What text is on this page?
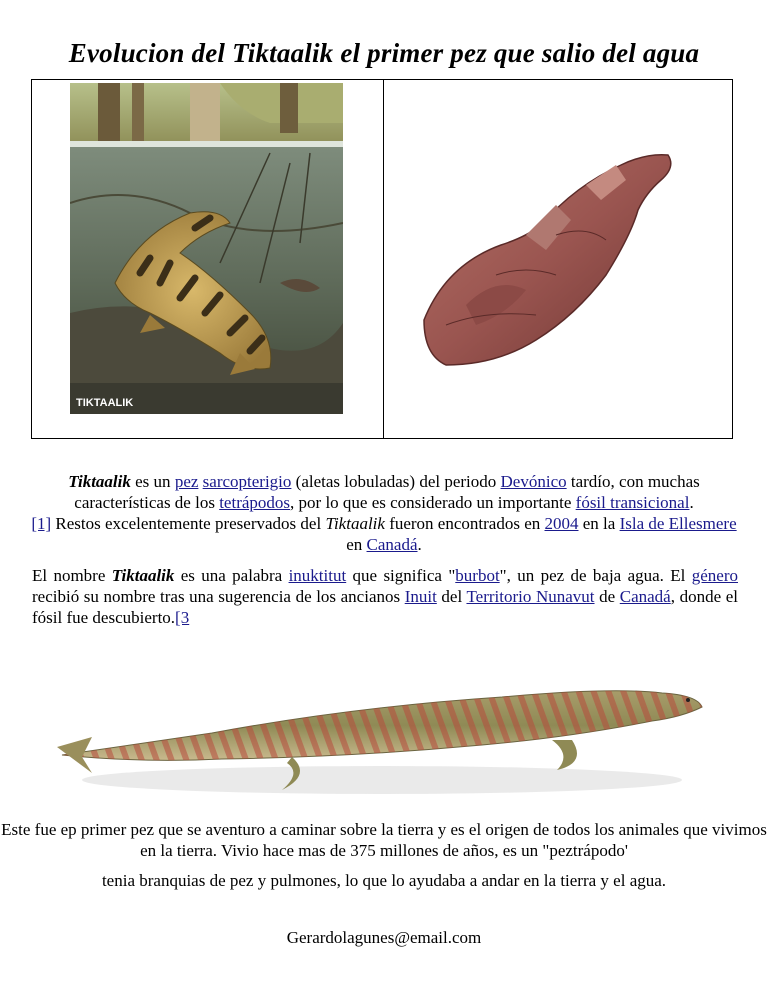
Evolucion del Tiktaalik el primer pez que salio del agua
TIKTAALIK
Tiktaalik es un pez sarcopterigio (aletas lobuladas) del periodo Devónico tardío, con muchas características de los tetrápodos, por lo que es considerado un importante fósil transicional.
[1] Restos excelentemente preservados del Tiktaalik fueron encontrados en 2004 en la Isla de Ellesmere en Canadá.
El nombre Tiktaalik es una palabra inuktitut que significa "burbot", un pez de baja agua. El género recibió su nombre tras una sugerencia de los ancianos Inuit del Territorio Nunavut de Canadá, donde el fósil fue descubierto.[3
Este fue ep primer pez que se aventuro a caminar sobre la tierra y es el origen de todos los animales que vivimos en la tierra. Vivio hace mas de 375 millones de años, es un "peztrápodo'
tenia branquias de pez y pulmones, lo que lo ayudaba a andar en la tierra y el agua.
Gerardolagunes@email.com
